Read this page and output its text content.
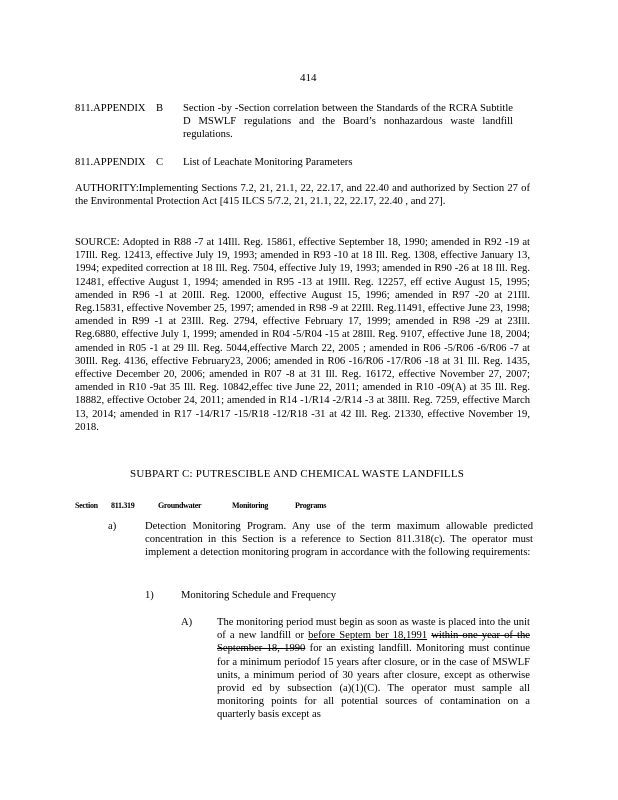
414
811.APPENDIX B Section -by -Section correlation between the Standards of the RCRA Subtitle D MSWLF regulations and the Board’s nonhazardous waste landfill regulations.
811.APPENDIX C List of Leachate Monitoring Parameters
AUTHORITY:Implementing Sections 7.2, 21, 21.1, 22, 22.17, and 22.40 and authorized by Section 27 of the Environmental Protection Act [415 ILCS 5/7.2, 21, 21.1, 22, 22.17, 22.40 , and 27].
SOURCE: Adopted in R88 -7 at 14Ill. Reg. 15861, effective September 18, 1990; amended in R92 -19 at 17Ill. Reg. 12413, effective July 19, 1993; amended in R93 -10 at 18 Ill. Reg. 1308, effective January 13, 1994; expedited correction at 18 Ill. Reg. 7504, effective July 19, 1993; amended in R90 -26 at 18 Ill. Reg. 12481, effective August 1, 1994; amended in R95 -13 at 19Ill. Reg. 12257, eff ective August 15, 1995; amended in R96 -1 at 20Ill. Reg. 12000, effective August 15, 1996; amended in R97 -20 at 21Ill. Reg.15831, effective November 25, 1997; amended in R98 -9 at 22Ill. Reg.11491, effective June 23, 1998; amended in R99 -1 at 23Ill. Reg. 2794, effective February 17, 1999; amended in R98 -29 at 23Ill. Reg.6880, effective July 1, 1999; amended in R04 -5/R04 -15 at 28Ill. Reg. 9107, effective June 18, 2004; amended in R05 -1 at 29 Ill. Reg. 5044,effective March 22, 2005 ; amended in R06 -5/R06 -6/R06 -7 at 30Ill. Reg. 4136, effective February23, 2006; amended in R06 -16/R06 -17/R06 -18 at 31 Ill. Reg. 1435, effective December 20, 2006; amended in R07 -8 at 31 Ill. Reg. 16172, effective November 27, 2007; amended in R10 -9at 35 Ill. Reg. 10842,effec tive June 22, 2011; amended in R10 -09(A) at 35 Ill. Reg. 18882, effective October 24, 2011; amended in R14 -1/R14 -2/R14 -3 at 38Ill. Reg. 7259, effective March 13, 2014; amended in R17 -14/R17 -15/R18 -12/R18 -31 at 42 Ill. Reg. 21330, effective November 19, 2018.
SUBPART C: PUTRESCIBLE AND CHEMICAL WASTE LANDFILLS
Section 811.319	Groundwater	Monitoring	Programs
a)	Detection Monitoring Program. Any use of the term maximum allowable predicted concentration in this Section is a reference to Section 811.318(c). The operator must implement a detection monitoring program in accordance with the following requirements:
1)	Monitoring Schedule and Frequency
A) The monitoring period must begin as soon as waste is placed into the unit of a new landfill or before Septem ber 18,1991 within one year of the September 18, 1990 for an existing landfill. Monitoring must continue for a minimum periodof 15 years after closure, or in the case of MSWLF units, a minimum period of 30 years after closure, except as otherwise provid ed by subsection (a)(1)(C). The operator must sample all monitoring points for all potential sources of contamination on a quarterly basis except as
